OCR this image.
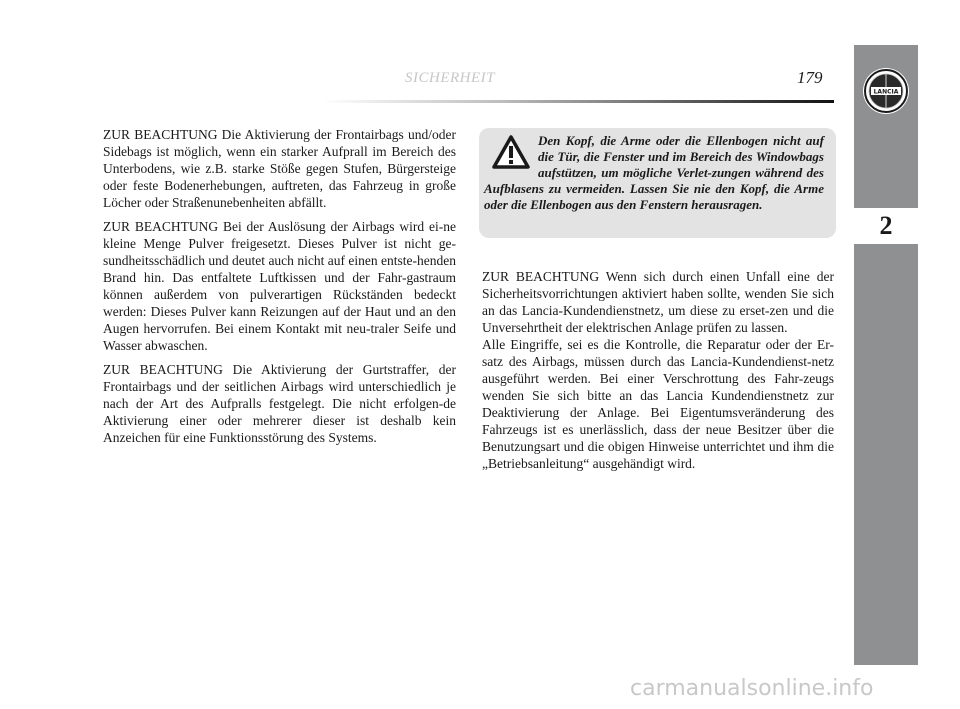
LANCIA
2
SICHERHEIT	179

ZUR BEACHTUNG Die Aktivierung der Frontairbags und/oder Sidebags ist möglich, wenn ein starker Aufprall im Bereich des Unterbodens, wie z.B. starke Stöße gegen Stufen, Bürgersteige oder feste Bodenerhebungen, auftreten, das Fahrzeug in große Löcher oder Straßenunebenheiten abfällt.

ZUR BEACHTUNG Bei der Auslösung der Airbags wird ei-ne kleine Menge Pulver freigesetzt. Dieses Pulver ist nicht ge-sundheitsschädlich und deutet auch nicht auf einen entste-henden Brand hin. Das entfaltete Luftkissen und der Fahr-gastraum können außerdem von pulverartigen Rückständen bedeckt werden: Dieses Pulver kann Reizungen auf der Haut und an den Augen hervorrufen. Bei einem Kontakt mit neu-traler Seife und Wasser abwaschen.

ZUR BEACHTUNG Die Aktivierung der Gurtstraffer, der Frontairbags und der seitlichen Airbags wird unterschiedlich je nach der Art des Aufpralls festgelegt. Die nicht erfolgen-de Aktivierung einer oder mehrerer dieser ist deshalb kein Anzeichen für eine Funktionsstörung des Systems.

Den Kopf, die Arme oder die Ellenbogen nicht auf die Tür, die Fenster und im Bereich des Windowbags aufstützen, um mögliche Verlet-zungen während des Aufblasens zu vermeiden. Lassen Sie nie den Kopf, die Arme oder die Ellenbogen aus den Fenstern herausragen.

ZUR BEACHTUNG Wenn sich durch einen Unfall eine der Sicherheitsvorrichtungen aktiviert haben sollte, wenden Sie sich an das Lancia-Kundendienstnetz, um diese zu erset-zen und die Unversehrtheit der elektrischen Anlage prüfen zu lassen.

Alle Eingriffe, sei es die Kontrolle, die Reparatur oder der Er-satz des Airbags, müssen durch das Lancia-Kundendienst-netz ausgeführt werden. Bei einer Verschrottung des Fahr-zeugs wenden Sie sich bitte an das Lancia Kundendienstnetz zur Deaktivierung der Anlage. Bei Eigentumsveränderung des Fahrzeugs ist es unerlässlich, dass der neue Besitzer über die Benutzungsart und die obigen Hinweise unterrichtet und ihm die „Betriebsanleitung“ ausgehändigt wird.

carmanualsonline.info
